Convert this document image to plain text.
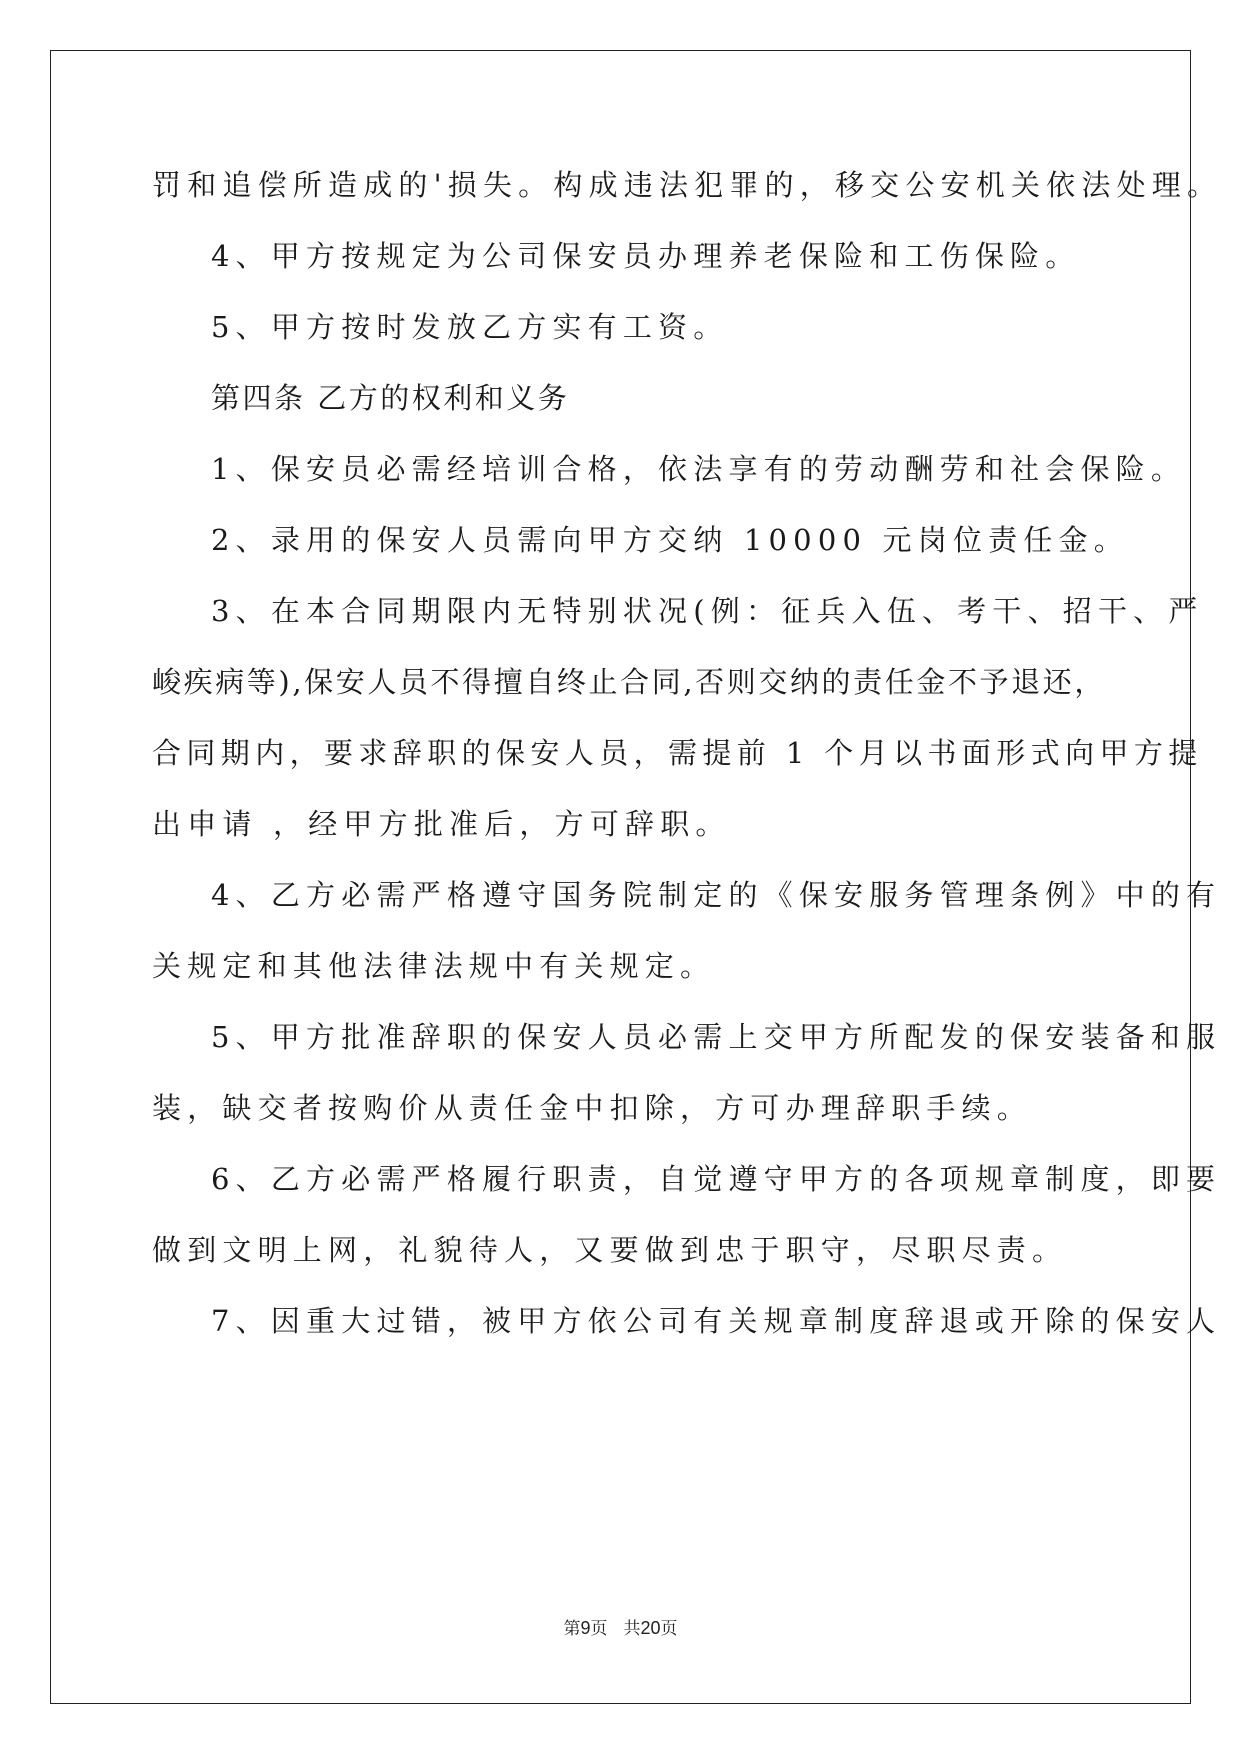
罚和追偿所造成的'损失。构成违法犯罪的，移交公安机关依法处理。
4、甲方按规定为公司保安员办理养老保险和工伤保险。
5、甲方按时发放乙方实有工资。
第四条 乙方的权利和义务
1、保安员必需经培训合格，依法享有的劳动酬劳和社会保险。
2、录用的保安人员需向甲方交纳 10000 元岗位责任金。
3、在本合同期限内无特别状况(例：征兵入伍、考干、招干、严
峻疾病等),保安人员不得擅自终止合同,否则交纳的责任金不予退还，
合同期内，要求辞职的保安人员，需提前 1 个月以书面形式向甲方提
出申请 ，经甲方批准后，方可辞职。
4、乙方必需严格遵守国务院制定的《保安服务管理条例》中的有
关规定和其他法律法规中有关规定。
5、甲方批准辞职的保安人员必需上交甲方所配发的保安装备和服
装，缺交者按购价从责任金中扣除，方可办理辞职手续。
6、乙方必需严格履行职责，自觉遵守甲方的各项规章制度，即要
做到文明上网，礼貌待人，又要做到忠于职守，尽职尽责。
7、因重大过错，被甲方依公司有关规章制度辞退或开除的保安人
第9页 共20页
